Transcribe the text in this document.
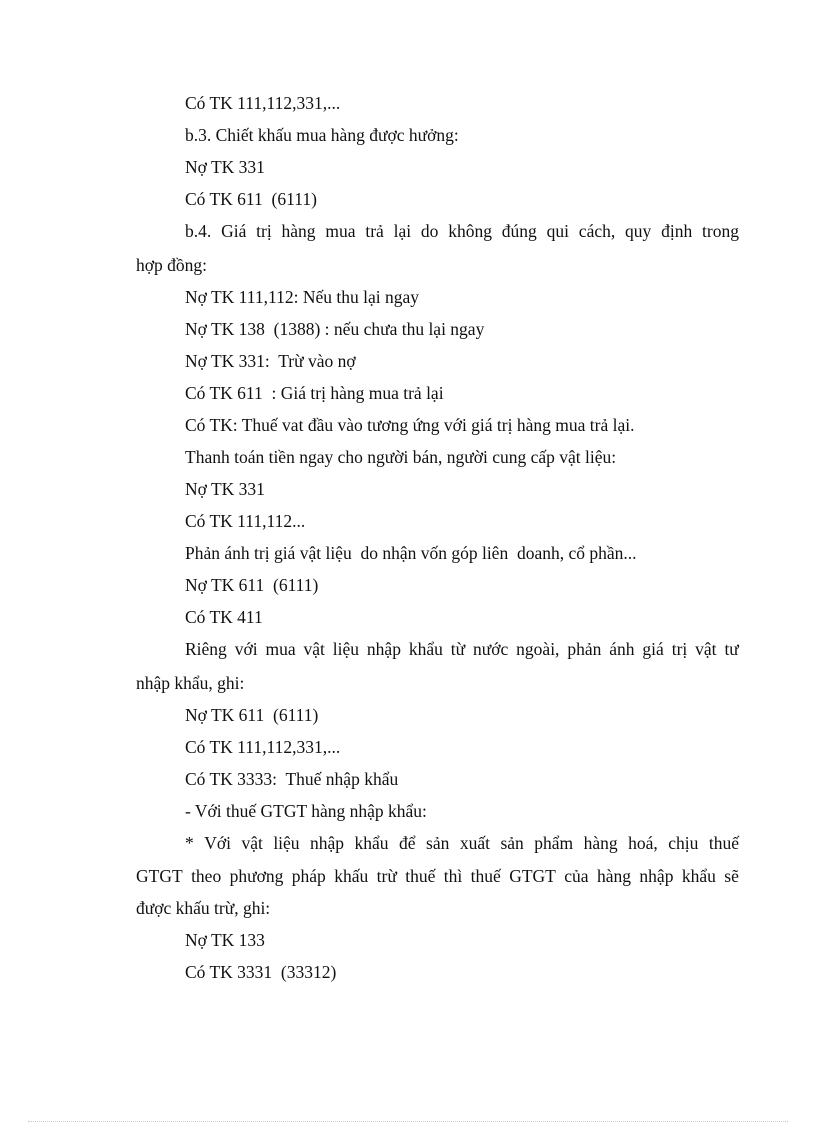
Có TK 111,112,331,...
b.3. Chiết khấu mua hàng được hưởng:
Nợ TK 331
Có TK 611  (6111)
b.4. Giá trị hàng mua trả lại do không đúng qui cách, quy định trong
hợp đồng:
Nợ TK 111,112: Nếu thu lại ngay
Nợ TK 138  (1388) : nếu chưa thu lại ngay
Nợ TK 331:  Trừ vào nợ
Có TK 611  : Giá trị hàng mua trả lại
Có TK: Thuế vat đầu vào tương ứng với giá trị hàng mua trả lại.
Thanh toán tiền ngay cho người bán, người cung cấp vật liệu:
Nợ TK 331
Có TK 111,112...
Phản ánh trị giá vật liệu  do nhận vốn góp liên  doanh, cổ phần...
Nợ TK 611  (6111)
Có TK 411
Riêng với mua vật liệu nhập khẩu từ nước ngoài, phản ánh giá trị vật tư
nhập khẩu, ghi:
Nợ TK 611  (6111)
Có TK 111,112,331,...
Có TK 3333:  Thuế nhập khẩu
- Với thuế GTGT hàng nhập khẩu:
* Với vật liệu nhập khẩu để sản xuất sản phẩm hàng hoá, chịu thuế
GTGT theo phương pháp khấu trừ thuế thì thuế GTGT của hàng nhập khẩu sẽ
được khấu trừ, ghi:
Nợ TK 133
Có TK 3331  (33312)
